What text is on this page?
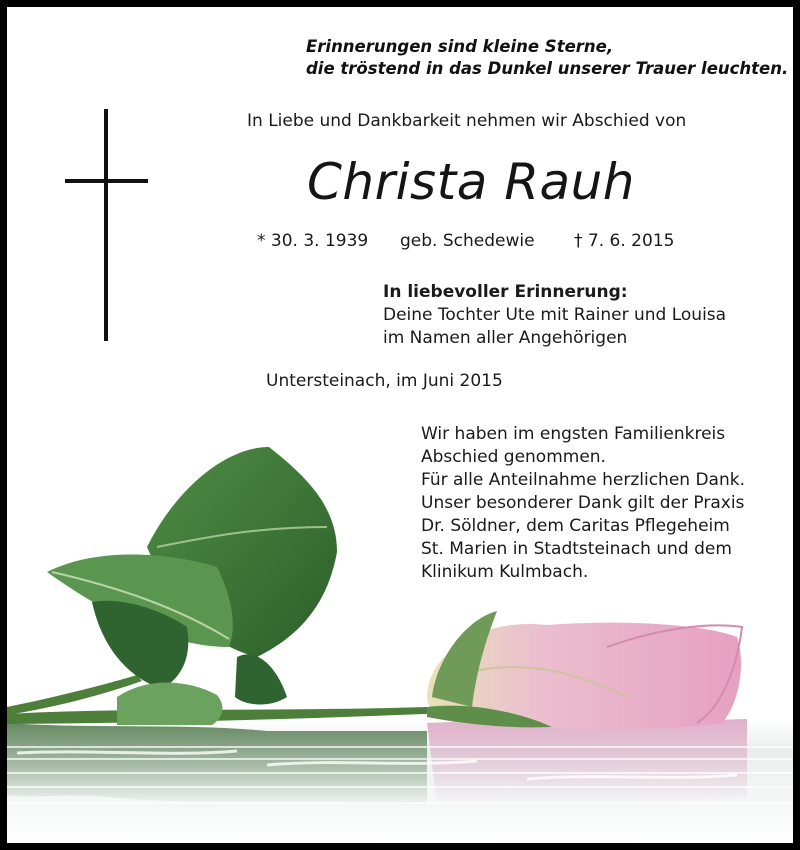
Erinnerungen sind kleine Sterne,
die tröstend in das Dunkel unserer Trauer leuchten.
In Liebe und Dankbarkeit nehmen wir Abschied von
Christa Rauh
* 30. 3. 1939 geb. Schedewie † 7. 6. 2015
In liebevoller Erinnerung:
Deine Tochter Ute mit Rainer und Louisa
im Namen aller Angehörigen
Untersteinach, im Juni 2015
Wir haben im engsten Familienkreis
Abschied genommen.
Für alle Anteilnahme herzlichen Dank.
Unser besonderer Dank gilt der Praxis
Dr. Söldner, dem Caritas Pflegeheim
St. Marien in Stadtsteinach und dem
Klinikum Kulmbach.
